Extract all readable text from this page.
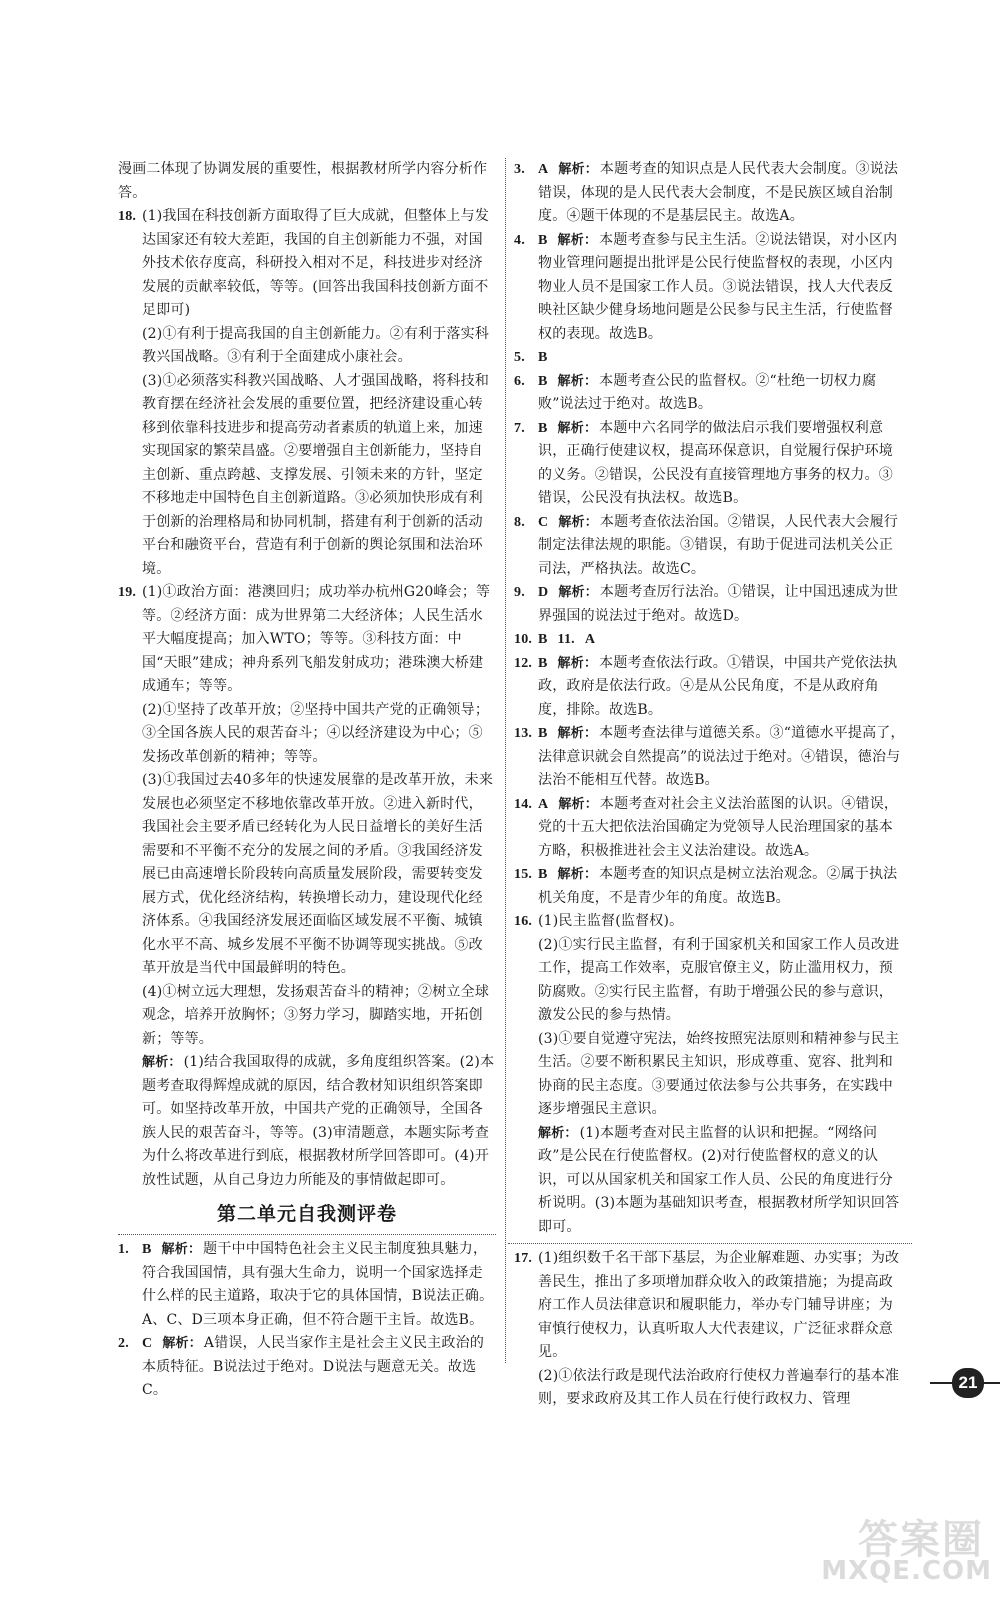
漫画二体现了协调发展的重要性，根据教材所学内容分析作答。

18. (1)我国在科技创新方面取得了巨大成就，但整体上与发达国家还有较大差距，我国的自主创新能力不强，对国外技术依存度高，科研投入相对不足，科技进步对经济发展的贡献率较低，等等。(回答出我国科技创新方面不足即可)

(2)①有利于提高我国的自主创新能力。②有利于落实科教兴国战略。③有利于全面建成小康社会。

(3)①必须落实科教兴国战略、人才强国战略，将科技和教育摆在经济社会发展的重要位置，把经济建设重心转移到依靠科技进步和提高劳动者素质的轨道上来，加速实现国家的繁荣昌盛。②要增强自主创新能力，坚持自主创新、重点跨越、支撑发展、引领未来的方针，坚定不移地走中国特色自主创新道路。③必须加快形成有利于创新的治理格局和协同机制，搭建有利于创新的活动平台和融资平台，营造有利于创新的舆论氛围和法治环境。

19. (1)①政治方面：港澳回归；成功举办杭州G20峰会；等等。②经济方面：成为世界第二大经济体；人民生活水平大幅度提高；加入WTO；等等。③科技方面：中国“天眼”建成；神舟系列飞船发射成功；港珠澳大桥建成通车；等等。

(2)①坚持了改革开放；②坚持中国共产党的正确领导；③全国各族人民的艰苦奋斗；④以经济建设为中心；⑤发扬改革创新的精神；等等。

(3)①我国过去40多年的快速发展靠的是改革开放，未来发展也必须坚定不移地依靠改革开放。②进入新时代，我国社会主要矛盾已经转化为人民日益增长的美好生活需要和不平衡不充分的发展之间的矛盾。③我国经济发展已由高速增长阶段转向高质量发展阶段，需要转变发展方式，优化经济结构，转换增长动力，建设现代化经济体系。④我国经济发展还面临区域发展不平衡、城镇化水平不高、城乡发展不平衡不协调等现实挑战。⑤改革开放是当代中国最鲜明的特色。

(4)①树立远大理想，发扬艰苦奋斗的精神；②树立全球观念，培养开放胸怀；③努力学习，脚踏实地，开拓创新；等等。

解析： (1)结合我国取得的成就，多角度组织答案。(2)本题考查取得辉煌成就的原因，结合教材知识组织答案即可。如坚持改革开放，中国共产党的正确领导，全国各族人民的艰苦奋斗，等等。(3)审清题意，本题实际考查为什么将改革进行到底，根据教材所学回答即可。(4)开放性试题，从自己身边力所能及的事情做起即可。

第二单元自我测评卷
1. B 解析： 题干中中国特色社会主义民主制度独具魅力，符合我国国情，具有强大生命力，说明一个国家选择走什么样的民主道路，取决于它的具体国情，B说法正确。A、C、D三项本身正确，但不符合题干主旨。故选B。

2. C 解析： A错误，人民当家作主是社会主义民主政治的本质特征。B说法过于绝对。D说法与题意无关。故选C。

3. A 解析： 本题考查的知识点是人民代表大会制度。③说法错误，体现的是人民代表大会制度，不是民族区域自治制度。④题干体现的不是基层民主。故选A。

4. B 解析： 本题考查参与民主生活。②说法错误，对小区内物业管理问题提出批评是公民行使监督权的表现，小区内物业人员不是国家工作人员。③说法错误，找人大代表反映社区缺少健身场地问题是公民参与民主生活，行使监督权的表现。故选B。

5. B

6. B 解析： 本题考查公民的监督权。②“杜绝一切权力腐败”说法过于绝对。故选B。

7. B 解析： 本题中六名同学的做法启示我们要增强权利意识，正确行使建议权，提高环保意识，自觉履行保护环境的义务。②错误，公民没有直接管理地方事务的权力。③错误，公民没有执法权。故选B。

8. C 解析： 本题考查依法治国。②错误，人民代表大会履行制定法律法规的职能。③错误，有助于促进司法机关公正司法，严格执法。故选C。

9. D 解析： 本题考查厉行法治。①错误，让中国迅速成为世界强国的说法过于绝对。故选D。

10. B 11. A

12. B 解析： 本题考查依法行政。①错误，中国共产党依法执政，政府是依法行政。④是从公民角度，不是从政府角度，排除。故选B。

13. B 解析： 本题考查法律与道德关系。③“道德水平提高了，法律意识就会自然提高”的说法过于绝对。④错误，德治与法治不能相互代替。故选B。

14. A 解析： 本题考查对社会主义法治蓝图的认识。④错误，党的十五大把依法治国确定为党领导人民治理国家的基本方略，积极推进社会主义法治建设。故选A。

15. B 解析： 本题考查的知识点是树立法治观念。②属于执法机关角度，不是青少年的角度。故选B。

16. (1)民主监督(监督权)。

(2)①实行民主监督，有利于国家机关和国家工作人员改进工作，提高工作效率，克服官僚主义，防止滥用权力，预防腐败。②实行民主监督，有助于增强公民的参与意识，激发公民的参与热情。

(3)①要自觉遵守宪法，始终按照宪法原则和精神参与民主生活。②要不断积累民主知识，形成尊重、宽容、批判和协商的民主态度。③要通过依法参与公共事务，在实践中逐步增强民主意识。

解析： (1)本题考查对民主监督的认识和把握。“网络问政”是公民在行使监督权。(2)对行使监督权的意义的认识，可以从国家机关和国家工作人员、公民的角度进行分析说明。(3)本题为基础知识考查，根据教材所学知识回答即可。

17. (1)组织数千名干部下基层，为企业解难题、办实事；为改善民生，推出了多项增加群众收入的政策措施；为提高政府工作人员法律意识和履职能力，举办专门辅导讲座；为审慎行使权力，认真听取人大代表建议，广泛征求群众意见。

(2)①依法行政是现代法治政府行使权力普遍奉行的基本准则，要求政府及其工作人员在行使行政权力、管理

21
答案圈
MXQE.COM
